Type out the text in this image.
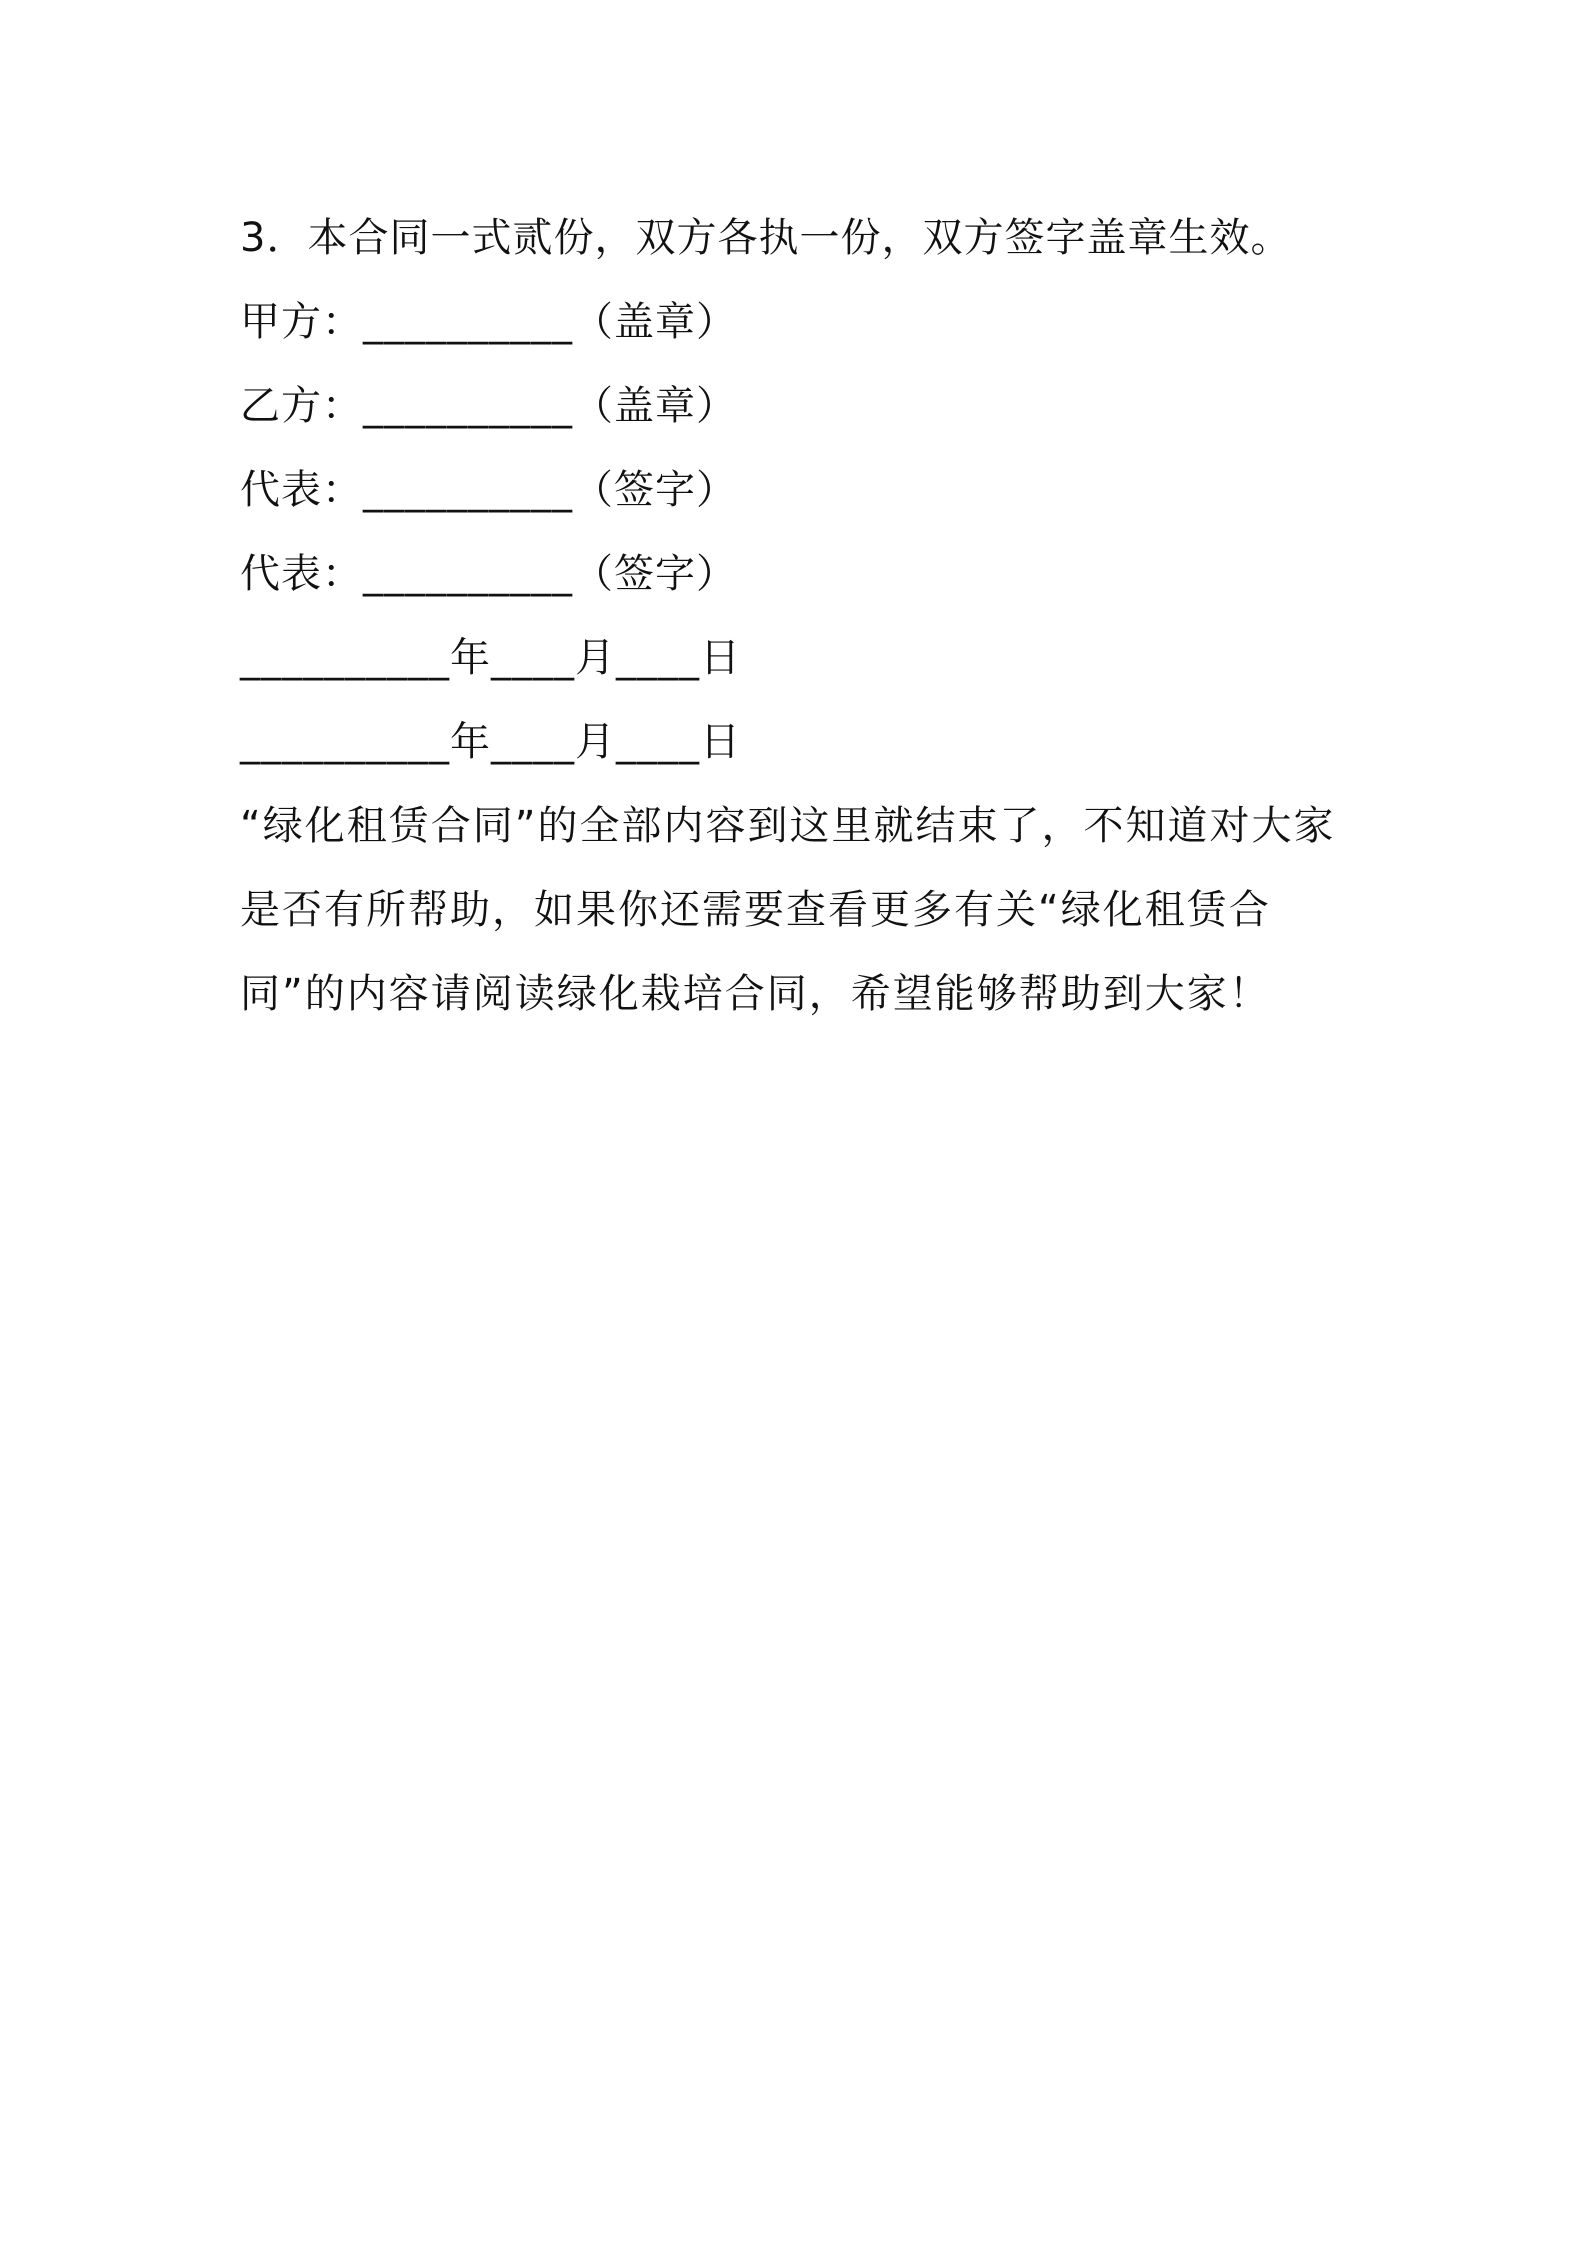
3．本合同一式贰份，双方各执一份，双方签字盖章生效。
甲方：__________（盖章）
乙方：__________（盖章）
代表：__________（签字）
代表：__________（签字）
__________年____月____日
__________年____月____日
“绿化租赁合同”的全部内容到这里就结束了，不知道对大家是否有所帮助，如果你还需要查看更多有关“绿化租赁合同”的内容请阅读绿化栽培合同，希望能够帮助到大家！
